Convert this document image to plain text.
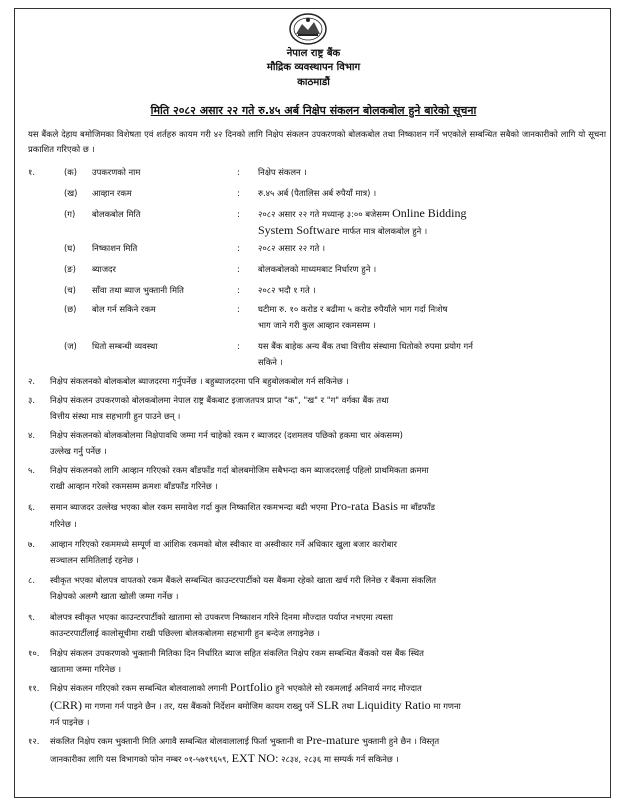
नेपाल राष्ट्र बैंक
मौद्रिक व्यवस्थापन विभाग
काठमाडौं
मिति २०८२ असार २२ गते रु.४५ अर्ब निक्षेप संकलन बोलकबोल हुने बारेको सूचना
यस बैंकले देहाय बमोजिमका विशेषता एवं शर्तहरु कायम गरी ४२ दिनको लागि निक्षेप संकलन उपकरणको बोलकबोल तथा निष्काशन गर्ने भएकोले सम्बन्धित सबैको जानकारीको लागि यो सूचना प्रकाशित गरिएको छ ।
१.	(क) उपकरणको नाम	: निक्षेप संकलन ।
(ख) आव्हान रकम	: रु.४५ अर्ब (पैतालिस अर्ब रुपैयाँ मात्र) ।
(ग) बोलकबोल मिति	: २०८२ असार २२ गते मध्यान्ह ३:०० बजेसम्म Online Bidding
System Software मार्फत मात्र बोलकबोल हुने ।
(घ) निष्काशन मिति	: २०८२ असार २२ गते ।
(ङ) ब्याजदर	: बोलकबोलको माध्यमबाट निर्धारण हुने ।
(च) साँवा तथा ब्याज भुक्तानी मिति	: २०८२ भदौ १ गते ।
(छ) बोल गर्न सकिने रकम	: घटीमा रु. १० करोड र बढीमा ५ करोड रुपैयाँले भाग गर्दा निःशेष
भाग जाने गरी कुल आव्हान रकमसम्म ।
(ज) धितो सम्बन्धी व्यवस्था	: यस बैंक बाहेक अन्य बैंक तथा वित्तीय संस्थामा धितोको रुपमा प्रयोग गर्न
सकिने ।
२. निक्षेप संकलनको बोलकबोल ब्याजदरमा गर्नुपर्नेछ । बहुब्याजदरमा पनि बहुबोलकबोल गर्न सकिनेछ ।
३. निक्षेप संकलन उपकरणको बोलकबोलमा नेपाल राष्ट्र बैंकबाट इजाजतपत्र प्राप्त "क", "ख" र "ग" वर्गका बैंक तथा
वित्तीय संस्था मात्र सहभागी हुन पाउने छन् ।
४. निक्षेप संकलनको बोलकबोलमा निक्षेपावधि जम्मा गर्न चाहेको रकम र ब्याजदर (दशमलव पछिको हकमा चार अंकसम्म)
उल्लेख गर्नु पर्नेछ ।
५. निक्षेप संकलनको लागि आव्हान गरिएको रकम बाँडफाँड गर्दा बोलबमोजिम सबैभन्दा कम ब्याजदरलाई पहिलो प्राथमिकता क्रममा
राखी आव्हान गरेको रकमसम्म क्रमशः बाँडफाँड गरिनेछ ।
६. समान ब्याजदर उल्लेख भएका बोल रकम समावेश गर्दा कुल निष्काशित रकमभन्दा बढी भएमा Pro-rata Basis मा बाँडफाँड
गरिनेछ ।
७. आव्हान गरिएको रकममध्ये सम्पूर्ण वा आंशिक रकमको बोल स्वीकार वा अस्वीकार गर्ने अधिकार खुला बजार कारोबार
सञ्चालन समितिलाई रहनेछ ।
८. स्वीकृत भएका बोलपत्र वापतको रकम बैंकले सम्बन्धित काउन्टरपार्टीको यस बैंकमा रहेको खाता खर्च गरी लिनेछ र बैंकमा संकलित
निक्षेपको अलग्गै खाता खोली जम्मा गर्नेछ ।
९. बोलपत्र स्वीकृत भएका काउन्टरपार्टीको खातामा सो उपकरण निष्काशन गरिने दिनमा मौज्दात पर्याप्त नभएमा त्यस्ता
काउन्टरपार्टीलाई कालोसूचीमा राखी पछिल्ला बोलकबोलमा सहभागी हुन बन्देज लगाइनेछ ।
१०. निक्षेप संकलन उपकरणको भुक्तानी मितिका दिन निर्धारित ब्याज सहित संकलित निक्षेप रकम सम्बन्धित बैंकको यस बैंक स्थित
खातामा जम्मा गरिनेछ ।
११. निक्षेप संकलन गरिएको रकम सम्बन्धित बोलवालाको लगानी Portfolio हुने भएकोले सो रकमलाई अनिवार्य नगद मौज्दात
(CRR) मा गणना गर्न पाइने छैन । तर, यस बैंकको निर्देशन बमोजिम कायम राख्नु पर्ने SLR तथा Liquidity Ratio मा गणना
गर्न पाइनेछ ।
१२. संकलित निक्षेप रकम भुक्तानी मिति अगावै सम्बन्धित बोलवालालाई फिर्ता भुक्तानी वा Pre-mature भुक्तानी हुने छैन । विस्तृत
जानकारीका लागि यस विभागको फोन नम्बर ०१-५७१९६५९, EXT NO: २८३४, २८३६ मा सम्पर्क गर्न सकिनेछ ।
